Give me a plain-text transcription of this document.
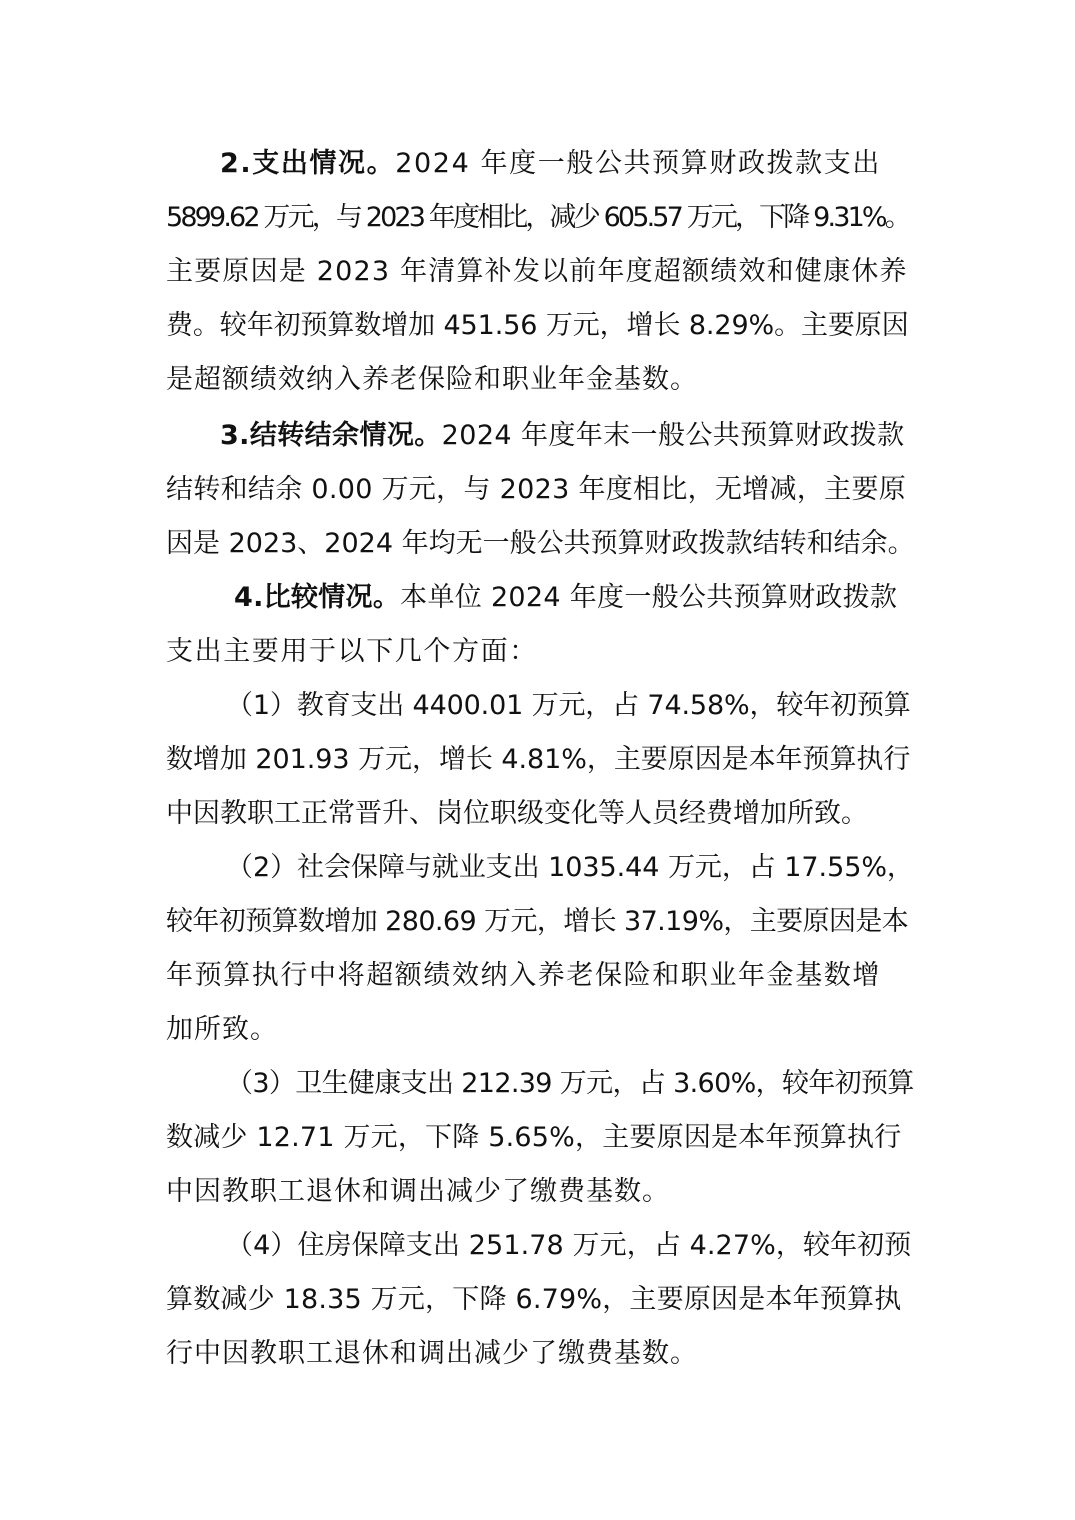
2.支出情况。2024 年度一般公共预算财政拨款支出
5899.62 万元，与 2023 年度相比，减少 605.57 万元，下降 9.31%。
主要原因是 2023 年清算补发以前年度超额绩效和健康休养
费。较年初预算数增加 451.56 万元，增长 8.29%。主要原因
是超额绩效纳入养老保险和职业年金基数。
3.结转结余情况。2024 年度年末一般公共预算财政拨款
结转和结余 0.00 万元，与 2023 年度相比，无增减，主要原
因是 2023、2024 年均无一般公共预算财政拨款结转和结余。
4.比较情况。本单位 2024 年度一般公共预算财政拨款
支出主要用于以下几个方面：
（1）教育支出 4400.01 万元，占 74.58%，较年初预算
数增加 201.93 万元，增长 4.81%，主要原因是本年预算执行
中因教职工正常晋升、岗位职级变化等人员经费增加所致。
（2）社会保障与就业支出 1035.44 万元，占 17.55%，
较年初预算数增加 280.69 万元，增长 37.19%，主要原因是本
年预算执行中将超额绩效纳入养老保险和职业年金基数增
加所致。
（3）卫生健康支出 212.39 万元，占 3.60%，较年初预算
数减少 12.71 万元，下降 5.65%，主要原因是本年预算执行
中因教职工退休和调出减少了缴费基数。
（4）住房保障支出 251.78 万元，占 4.27%，较年初预
算数减少 18.35 万元，下降 6.79%，主要原因是本年预算执
行中因教职工退休和调出减少了缴费基数。
